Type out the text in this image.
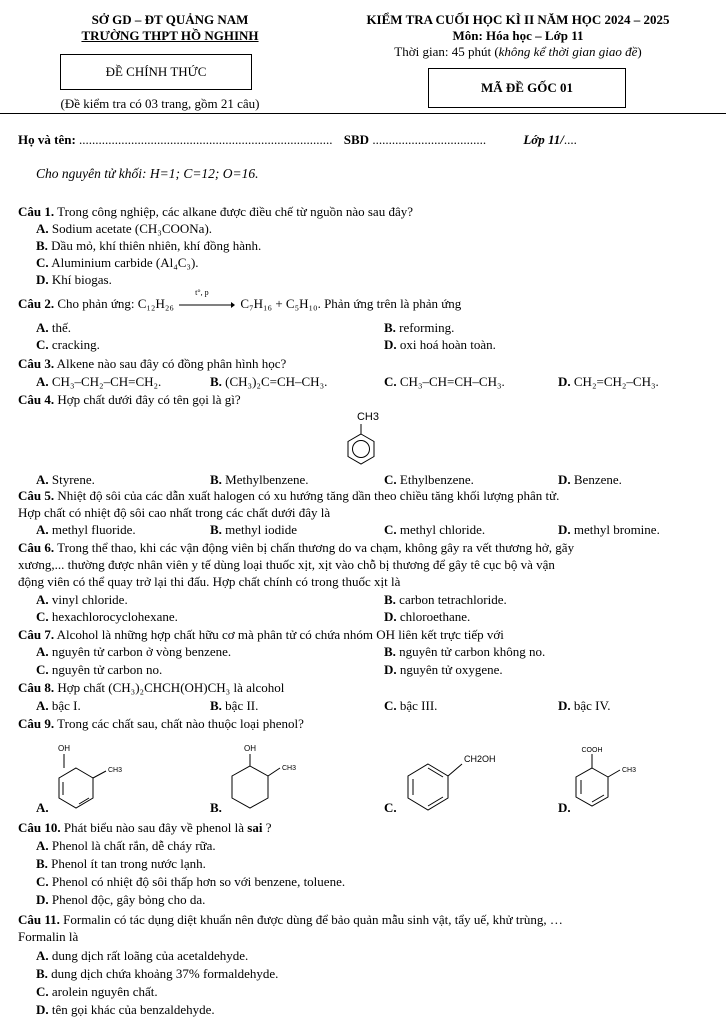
SỞ GD – ĐT QUẢNG NAM
TRƯỜNG THPT HỒ NGHINH
ĐỀ CHÍNH THỨC
(Đề kiểm tra có 03 trang, gồm 21 câu)
KIỂM TRA CUỐI HỌC KÌ II NĂM HỌC 2024 – 2025
Môn: Hóa học – Lớp 11
Thời gian: 45 phút (không kể thời gian giao đề)
MÃ ĐỀ GỐC 01
Họ và tên: .............................................................................. SBD ...................................	Lớp 11/....
Cho nguyên tử khối: H=1; C=12; O=16.
Câu 1. Trong công nghiệp, các alkane được điều chế từ nguồn nào sau đây?
A. Sodium acetate (CH₃COONa).
B. Dầu mỏ, khí thiên nhiên, khí đồng hành.
C. Aluminium carbide (Al₄C₃).
D. Khí biogas.
Câu 2. Cho phản ứng: C₁₂H₂₆
t°, p
C₇H₁₆ + C₅H₁₀. Phản ứng trên là phản ứng
A. thế.	B. reforming.
C. cracking.	D. oxi hoá hoàn toàn.
Câu 3. Alkene nào sau đây có đồng phân hình học?
A. CH₃–CH₂–CH=CH₂.	B. (CH₃)₂C=CH–CH₃.	C. CH₃–CH=CH–CH₃.	D. CH₂=CH₂–CH₃.
Câu 4. Hợp chất dưới đây có tên gọi là gì?
CH3
A. Styrene.	B. Methylbenzene.	C. Ethylbenzene.	D. Benzene.
Câu 5. Nhiệt độ sôi của các dẫn xuất halogen có xu hướng tăng dần theo chiều tăng khối lượng phân tử.
Hợp chất có nhiệt độ sôi cao nhất trong các chất dưới đây là
A. methyl fluoride.	B. methyl iodide	C. methyl chloride.	D. methyl bromine.
Câu 6. Trong thể thao, khi các vận động viên bị chấn thương do va chạm, không gây ra vết thương hở, gãy
xương,... thường được nhân viên y tế dùng loại thuốc xịt, xịt vào chỗ bị thương để gây tê cục bộ và vận
động viên có thể quay trở lại thi đấu. Hợp chất chính có trong thuốc xịt là
A. vinyl chloride.	B. carbon tetrachloride.
C. hexachlorocyclohexane.	D. chloroethane.
Câu 7. Alcohol là những hợp chất hữu cơ mà phân tử có chứa nhóm OH liên kết trực tiếp với
A. nguyên tử carbon ở vòng benzene.	B. nguyên tử carbon không no.
C. nguyên tử carbon no.	D. nguyên tử oxygene.
Câu 8. Hợp chất (CH₃)₂CHCH(OH)CH₃ là alcohol
A. bậc I.	B. bậc II.	C. bậc III.	D. bậc IV.
Câu 9. Trong các chất sau, chất nào thuộc loại phenol?
A.
OH
CH3
B.
OH
CH3
C.
CH2OH
D.
COOH
CH3
Câu 10. Phát biểu nào sau đây về phenol là sai ?
A. Phenol là chất rắn, dễ cháy rữa.
B. Phenol ít tan trong nước lạnh.
C. Phenol có nhiệt độ sôi thấp hơn so với benzene, toluene.
D. Phenol độc, gây bỏng cho da.
Câu 11. Formalin có tác dụng diệt khuẩn nên được dùng để bảo quản mẫu sinh vật, tẩy uế, khử trùng, …
Formalin là
A. dung dịch rất loãng của acetaldehyde.
B. dung dịch chứa khoảng 37% formaldehyde.
C. arolein nguyên chất.
D. tên gọi khác của benzaldehyde.
